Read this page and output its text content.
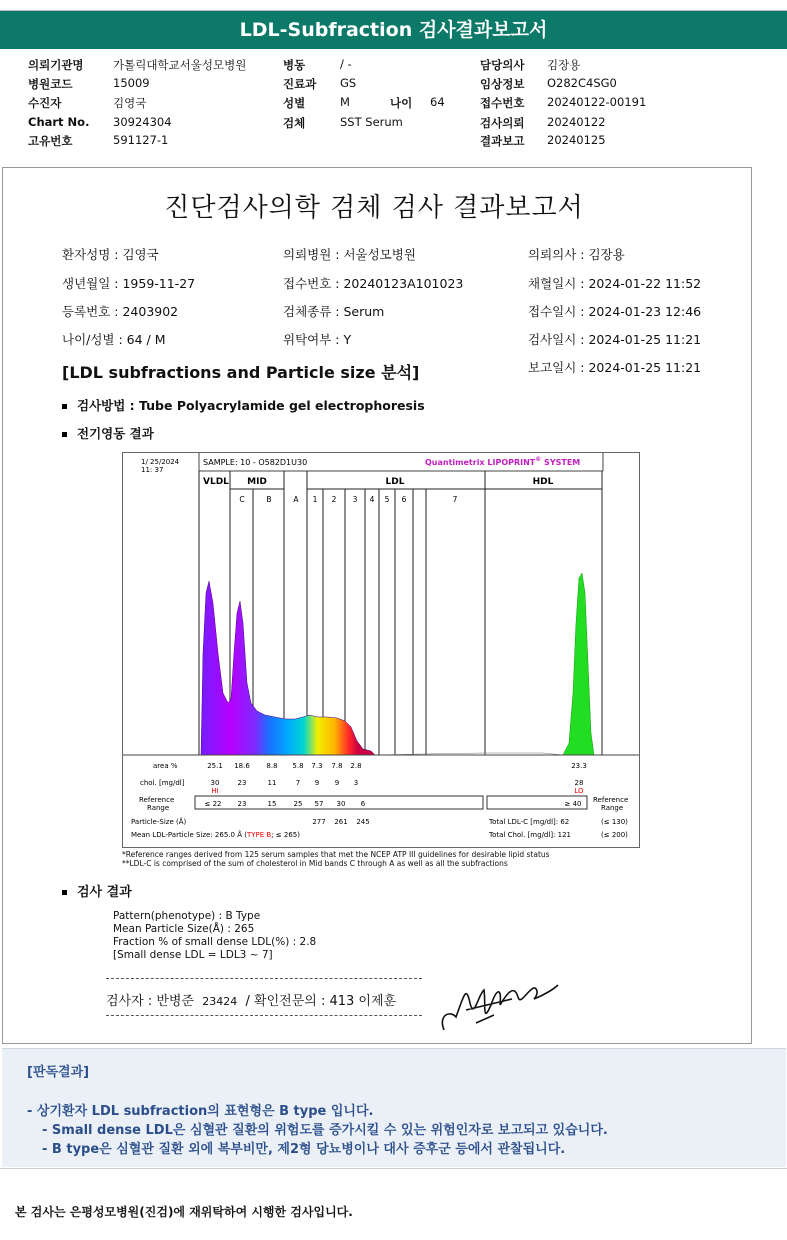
LDL-Subfraction 검사결과보고서
의뢰기관명	가톨릭대학교서울성모병원
병원코드	15009
수진자	김영국
Chart No. 30924304
고유번호	591127-1
병동	/ -
진료과 GS
성별	M	나이 64
검체	SST Serum
담당의사 김장용
임상정보 O282C4SG0
접수번호 20240122-00191
검사의뢰 20240122
결과보고 20240125
진단검사의학 검체 검사 결과보고서
환자성명 : 김영국	의뢰병원 : 서울성모병원	의뢰의사 : 김장용
생년월일 : 1959-11-27	접수번호 : 20240123A101023	채혈일시 : 2024-01-22 11:52
등록번호 : 2403902	검체종류 : Serum	접수일시 : 2024-01-23 12:46
나이/성별 : 64 / M	위탁여부 : Y	검사일시 : 2024-01-25 11:21
[LDL subfractions and Particle size 분석]	보고일시 : 2024-01-25 11:21
검사방법 : Tube Polyacrylamide gel electrophoresis
전기영동 결과
1/ 25/2024
11: 37
SAMPLE: 10 - O582D1U30	Quantimetrix LIPOPRINT® SYSTEM
VLDL MID	LDL	HDL
C	B	A 1 2 3 4 5 6	7
area %	25.1 18.6 8.8 5.8 7.3 7.8 2.8	23.3
chol. [mg/dl]	30	23	11	7 9 9 3	28
HI	LO
Reference
Range	≤ 22 23	15 25 57 30 6	≥ 40 Reference
Range
Particle-Size (Å)	277 261 245	Total LDL-C [mg/dl]: 62	(≤ 130)
Mean LDL-Particle Size: 265.0 Å (TYPE B; ≤ 265)	Total Chol. [mg/dl]: 121	(≤ 200)
*Reference ranges derived from 125 serum samples that met the NCEP ATP III guidelines for desirable lipid status
**LDL-C is comprised of the sum of cholesterol in Mid bands C through A as well as all the subfractions
검사 결과
Pattern(phenotype) : B Type
Mean Particle Size(Å) : 265
Fraction % of small dense LDL(%) : 2.8
[Small dense LDL = LDL3 ~ 7]
검사자 : 반병준 23424 / 확인전문의 : 413 이제훈
[판독결과]
- 상기환자 LDL subfraction의 표현형은 B type 입니다.
- Small dense LDL은 심혈관 질환의 위험도를 증가시킬 수 있는 위험인자로 보고되고 있습니다.
- B type은 심혈관 질환 외에 복부비만, 제2형 당뇨병이나 대사 증후군 등에서 관찰됩니다.
본 검사는 은평성모병원(진검)에 재위탁하여 시행한 검사입니다.
